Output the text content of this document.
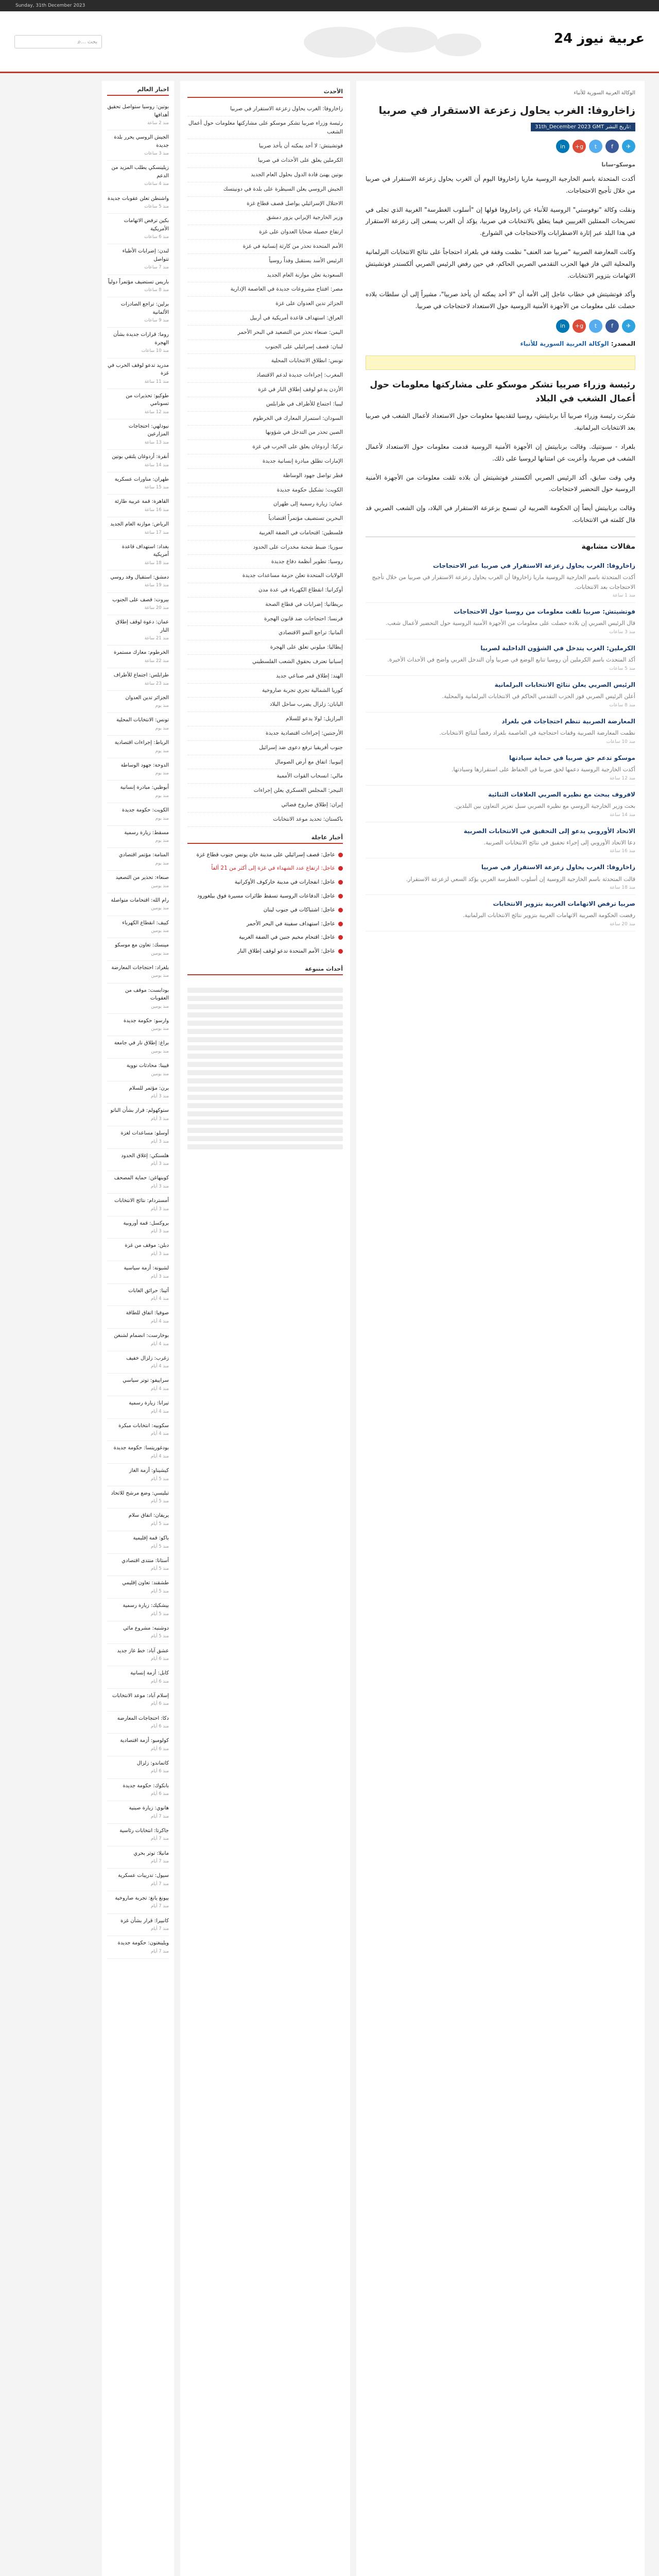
Sunday, 31th December 2023
عربية نيوز 24
بحث ...
⌕
الوكالة العربية السورية للأنباء
زاخاروفا: الغرب يحاول زعزعة الاستقرار في صربيا
31th_December 2023 GMT تاريخ النشر:
✈
f
t
g+
in
موسكو-سانا

أكدت المتحدثة باسم الخارجية الروسية ماريا زاخاروفا اليوم أن الغرب يحاول زعزعة الاستقرار في صربيا من خلال تأجيج الاحتجاجات.

ونقلت وكالة "نوفوستي" الروسية للأنباء عن زاخاروفا قولها إن "أسلوب الغطرسة" الغربية الذي تجلى في تصريحات الممثلين الغربيين فيما يتعلق بالانتخابات في صربيا، يؤكد أن الغرب يسعى إلى زعزعة الاستقرار في هذا البلد عبر إثارة الاضطرابات والاحتجاجات في الشوارع.

وكانت المعارضة الصربية "صربيا ضد العنف" نظمت وقفة في بلغراد احتجاجاً على نتائج الانتخابات البرلمانية والمحلية التي فاز فيها الحزب التقدمي الصربي الحاكم، في حين رفض الرئيس الصربي ألكسندر فوتشيتش الاتهامات بتزوير الانتخابات.

وأكد فوتشيتش في خطاب عاجل إلى الأمة أن "لا أحد يمكنه أن يأخذ صربيا"، مشيراً إلى أن سلطات بلاده حصلت على معلومات من الأجهزة الأمنية الروسية حول الاستعداد لاحتجاجات في صربيا.

✈
f
t
g+
in
المصدر: الوكالة العربية السورية للأنباء
رئيسة وزراء صربيا تشكر موسكو على مشاركتها معلومات حول أعمال الشغب في البلاد

شكرت رئيسة وزراء صربيا آنا برنابيتش، روسيا لتقديمها معلومات حول الاستعداد لأعمال الشغب في صربيا بعد الانتخابات البرلمانية.

بلغراد - سبوتنيك. وقالت برنابيتش إن الأجهزة الأمنية الروسية قدمت معلومات حول الاستعداد لأعمال الشغب في صربيا، وأعربت عن امتنانها لروسيا على ذلك.

وفي وقت سابق، أكد الرئيس الصربي ألكسندر فوتشيتش أن بلاده تلقت معلومات من الأجهزة الأمنية الروسية حول التحضير لاحتجاجات.

وقالت برنابيتش أيضاً إن الحكومة الصربية لن تسمح بزعزعة الاستقرار في البلاد، وإن الشعب الصربي قد قال كلمته في الانتخابات.

مقالات مشابهة
زاخاروفا: الغرب يحاول زعزعة الاستقرار في صربيا عبر الاحتجاجات
أكدت المتحدثة باسم الخارجية الروسية ماريا زاخاروفا أن الغرب يحاول زعزعة الاستقرار في صربيا من خلال تأجيج الاحتجاجات بعد الانتخابات.
منذ 1 ساعة
فوتشيتش: صربيا تلقت معلومات من روسيا حول الاحتجاجات
قال الرئيس الصربي إن بلاده حصلت على معلومات من الأجهزة الأمنية الروسية حول التحضير لأعمال شغب.
منذ 3 ساعات
الكرملين: الغرب يتدخل في الشؤون الداخلية لصربيا
أكد المتحدث باسم الكرملين أن روسيا تتابع الوضع في صربيا وأن التدخل الغربي واضح في الأحداث الأخيرة.
منذ 5 ساعات
الرئيس الصربي يعلن نتائج الانتخابات البرلمانية
أعلن الرئيس الصربي فوز الحزب التقدمي الحاكم في الانتخابات البرلمانية والمحلية.
منذ 8 ساعات
المعارضة الصربية تنظم احتجاجات في بلغراد
نظمت المعارضة الصربية وقفات احتجاجية في العاصمة بلغراد رفضاً لنتائج الانتخابات.
منذ 10 ساعات
موسكو تدعم حق صربيا في حماية سيادتها
أكدت الخارجية الروسية دعمها لحق صربيا في الحفاظ على استقرارها وسيادتها.
منذ 12 ساعة
لافروف يبحث مع نظيره الصربي العلاقات الثنائية
بحث وزير الخارجية الروسي مع نظيره الصربي سبل تعزيز التعاون بين البلدين.
منذ 14 ساعة
الاتحاد الأوروبي يدعو إلى التحقيق في الانتخابات الصربية
دعا الاتحاد الأوروبي إلى إجراء تحقيق في نتائج الانتخابات الصربية.
منذ 16 ساعة
زاخاروفا: الغرب يحاول زعزعة الاستقرار في صربيا
قالت المتحدثة باسم الخارجية الروسية إن أسلوب الغطرسة الغربي يؤكد السعي لزعزعة الاستقرار.
منذ 18 ساعة
صربيا ترفض الاتهامات الغربية بتزوير الانتخابات
رفضت الحكومة الصربية الاتهامات الغربية بتزوير نتائج الانتخابات البرلمانية.
منذ 20 ساعة
الأحدث
زاخاروفا: الغرب يحاول زعزعة الاستقرار في صربيا
رئيسة وزراء صربيا تشكر موسكو على مشاركتها معلومات حول أعمال الشغب
فوتشيتش: لا أحد يمكنه أن يأخذ صربيا
الكرملين يعلق على الأحداث في صربيا
بوتين يهنئ قادة الدول بحلول العام الجديد
الجيش الروسي يعلن السيطرة على بلدة في دونيتسك
الاحتلال الإسرائيلي يواصل قصف قطاع غزة
وزير الخارجية الإيراني يزور دمشق
ارتفاع حصيلة ضحايا العدوان على غزة
الأمم المتحدة تحذر من كارثة إنسانية في غزة
الرئيس الأسد يستقبل وفداً روسياً
السعودية تعلن موازنة العام الجديد
مصر: افتتاح مشروعات جديدة في العاصمة الإدارية
الجزائر تدين العدوان على غزة
العراق: استهداف قاعدة أمريكية في أربيل
اليمن: صنعاء تحذر من التصعيد في البحر الأحمر
لبنان: قصف إسرائيلي على الجنوب
تونس: انطلاق الانتخابات المحلية
المغرب: إجراءات جديدة لدعم الاقتصاد
الأردن يدعو لوقف إطلاق النار في غزة
ليبيا: اجتماع للأطراف في طرابلس
السودان: استمرار المعارك في الخرطوم
الصين تحذر من التدخل في شؤونها
تركيا: أردوغان يعلق على الحرب في غزة
الإمارات تطلق مبادرة إنسانية جديدة
قطر تواصل جهود الوساطة
الكويت: تشكيل حكومة جديدة
عمان: زيارة رسمية إلى طهران
البحرين تستضيف مؤتمراً اقتصادياً
فلسطين: اقتحامات في الضفة الغربية
سوريا: ضبط شحنة مخدرات على الحدود
روسيا: تطوير أنظمة دفاع جديدة
الولايات المتحدة تعلن حزمة مساعدات جديدة
أوكرانيا: انقطاع الكهرباء في عدة مدن
بريطانيا: إضرابات في قطاع الصحة
فرنسا: احتجاجات ضد قانون الهجرة
ألمانيا: تراجع النمو الاقتصادي
إيطاليا: ميلوني تعلق على الهجرة
إسبانيا تعترف بحقوق الشعب الفلسطيني
الهند: إطلاق قمر صناعي جديد
كوريا الشمالية تجري تجربة صاروخية
اليابان: زلزال يضرب ساحل البلاد
البرازيل: لولا يدعو للسلام
الأرجنتين: إجراءات اقتصادية جديدة
جنوب أفريقيا ترفع دعوى ضد إسرائيل
إثيوبيا: اتفاق مع أرض الصومال
مالي: انسحاب القوات الأممية
النيجر: المجلس العسكري يعلن إجراءات
إيران: إطلاق صاروخ فضائي
باكستان: تحديد موعد الانتخابات
أخبار عاجلة
عاجل: قصف إسرائيلي على مدينة خان يونس جنوب قطاع غزة
عاجل: ارتفاع عدد الشهداء في غزة إلى أكثر من 21 ألفاً
عاجل: انفجارات في مدينة خاركوف الأوكرانية
عاجل: الدفاعات الروسية تسقط طائرات مسيرة فوق بيلغورود
عاجل: اشتباكات في جنوب لبنان
عاجل: استهداف سفينة في البحر الأحمر
عاجل: اقتحام مخيم جنين في الضفة الغربية
عاجل: الأمم المتحدة تدعو لوقف إطلاق النار
أحداث متنوعة
اخبار العالم
بوتين: روسيا ستواصل تحقيق أهدافها
منذ 2 ساعة
الجيش الروسي يحرر بلدة جديدة
منذ 3 ساعات
زيلينسكي يطلب المزيد من الدعم
منذ 4 ساعات
واشنطن تعلن عقوبات جديدة
منذ 5 ساعات
بكين ترفض الاتهامات الأمريكية
منذ 6 ساعات
لندن: إضرابات الأطباء تتواصل
منذ 7 ساعات
باريس تستضيف مؤتمراً دولياً
منذ 8 ساعات
برلين: تراجع الصادرات الألمانية
منذ 9 ساعات
روما: قرارات جديدة بشأن الهجرة
منذ 10 ساعات
مدريد تدعو لوقف الحرب في غزة
منذ 11 ساعة
طوكيو: تحذيرات من تسونامي
منذ 12 ساعة
نيودلهي: احتجاجات المزارعين
منذ 13 ساعة
أنقرة: أردوغان يلتقي بوتين
منذ 14 ساعة
طهران: مناورات عسكرية
منذ 15 ساعة
القاهرة: قمة عربية طارئة
منذ 16 ساعة
الرياض: موازنة العام الجديد
منذ 17 ساعة
بغداد: استهداف قاعدة أمريكية
منذ 18 ساعة
دمشق: استقبال وفد روسي
منذ 19 ساعة
بيروت: قصف على الجنوب
منذ 20 ساعة
عمان: دعوة لوقف إطلاق النار
منذ 21 ساعة
الخرطوم: معارك مستمرة
منذ 22 ساعة
طرابلس: اجتماع للأطراف
منذ 23 ساعة
الجزائر تدين العدوان
منذ يوم
تونس: الانتخابات المحلية
منذ يوم
الرباط: إجراءات اقتصادية
منذ يوم
الدوحة: جهود الوساطة
منذ يوم
أبوظبي: مبادرة إنسانية
منذ يوم
الكويت: حكومة جديدة
منذ يوم
مسقط: زيارة رسمية
منذ يوم
المنامة: مؤتمر اقتصادي
منذ يوم
صنعاء: تحذير من التصعيد
منذ يومين
رام الله: اقتحامات متواصلة
منذ يومين
كييف: انقطاع الكهرباء
منذ يومين
مينسك: تعاون مع موسكو
منذ يومين
بلغراد: احتجاجات المعارضة
منذ يومين
بودابست: موقف من العقوبات
منذ يومين
وارسو: حكومة جديدة
منذ يومين
براغ: إطلاق نار في جامعة
منذ يومين
فيينا: محادثات نووية
منذ يومين
برن: مؤتمر للسلام
منذ 3 أيام
ستوكهولم: قرار بشأن الناتو
منذ 3 أيام
أوسلو: مساعدات لغزة
منذ 3 أيام
هلسنكي: إغلاق الحدود
منذ 3 أيام
كوبنهاغن: حماية المصحف
منذ 3 أيام
أمستردام: نتائج الانتخابات
منذ 3 أيام
بروكسل: قمة أوروبية
منذ 3 أيام
دبلن: موقف من غزة
منذ 3 أيام
لشبونة: أزمة سياسية
منذ 3 أيام
أثينا: حرائق الغابات
منذ 4 أيام
صوفيا: اتفاق للطاقة
منذ 4 أيام
بوخارست: انضمام لشنغن
منذ 4 أيام
زغرب: زلزال خفيف
منذ 4 أيام
سراييفو: توتر سياسي
منذ 4 أيام
تيرانا: زيارة رسمية
منذ 4 أيام
سكوبيه: انتخابات مبكرة
منذ 4 أيام
بودغوريتسا: حكومة جديدة
منذ 4 أيام
كيشيناو: أزمة الغاز
منذ 5 أيام
تبليسي: وضع مرشح للاتحاد
منذ 5 أيام
يريفان: اتفاق سلام
منذ 5 أيام
باكو: قمة إقليمية
منذ 5 أيام
أستانا: منتدى اقتصادي
منذ 5 أيام
طشقند: تعاون إقليمي
منذ 5 أيام
بيشكيك: زيارة رسمية
منذ 5 أيام
دوشنبه: مشروع مائي
منذ 5 أيام
عشق آباد: خط غاز جديد
منذ 6 أيام
كابل: أزمة إنسانية
منذ 6 أيام
إسلام آباد: موعد الانتخابات
منذ 6 أيام
دكا: احتجاجات المعارضة
منذ 6 أيام
كولومبو: أزمة اقتصادية
منذ 6 أيام
كاتماندو: زلزال
منذ 6 أيام
بانكوك: حكومة جديدة
منذ 6 أيام
هانوي: زيارة صينية
منذ 7 أيام
جاكرتا: انتخابات رئاسية
منذ 7 أيام
مانيلا: توتر بحري
منذ 7 أيام
سيول: تدريبات عسكرية
منذ 7 أيام
بيونغ يانغ: تجربة صاروخية
منذ 7 أيام
كانبيرا: قرار بشأن غزة
منذ 7 أيام
ويلينغتون: حكومة جديدة
منذ 7 أيام
